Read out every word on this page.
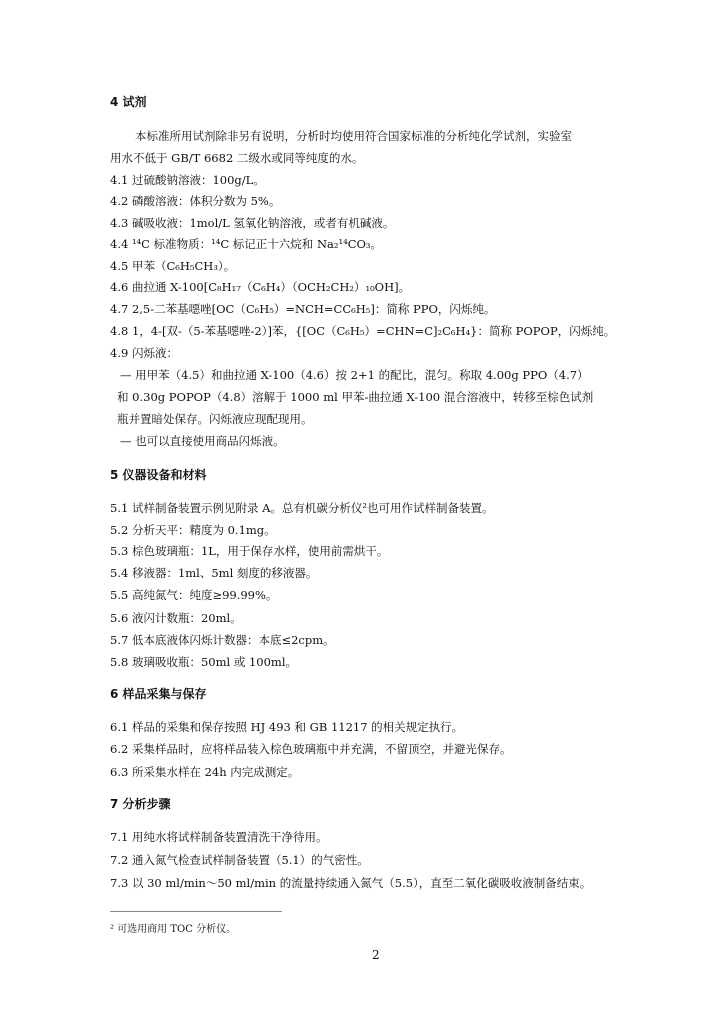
4 试剂
本标准所用试剂除非另有说明，分析时均使用符合国家标准的分析纯化学试剂，实验室
用水不低于 GB/T 6682 二级水或同等纯度的水。
4.1 过硫酸钠溶液：100g/L。
4.2 磷酸溶液：体积分数为 5%。
4.3 碱吸收液：1mol/L 氢氧化钠溶液，或者有机碱液。
4.4 ¹⁴C 标准物质：¹⁴C 标记正十六烷和 Na₂¹⁴CO₃。
4.5 甲苯（C₆H₅CH₃）。
4.6 曲拉通 X-100[C₈H₁₇（C₆H₄）（OCH₂CH₂）₁₀OH]。
4.7 2,5-二苯基噁唑[OC（C₆H₅）=NCH=CC₆H₅]：简称 PPO，闪烁纯。
4.8 1，4-[双-（5-苯基噁唑-2）]苯，{[OC（C₆H₅）=CHN=C]₂C₆H₄}：简称 POPOP，闪烁纯。
4.9 闪烁液：
— 用甲苯（4.5）和曲拉通 X-100（4.6）按 2+1 的配比，混匀。称取 4.00g PPO（4.7）
和 0.30g POPOP（4.8）溶解于 1000 ml 甲苯-曲拉通 X-100 混合溶液中，转移至棕色试剂
瓶并置暗处保存。闪烁液应现配现用。
— 也可以直接使用商品闪烁液。
5 仪器设备和材料
5.1 试样制备装置示例见附录 A。总有机碳分析仪²也可用作试样制备装置。
5.2 分析天平：精度为 0.1mg。
5.3 棕色玻璃瓶：1L，用于保存水样，使用前需烘干。
5.4 移液器：1ml、5ml 刻度的移液器。
5.5 高纯氮气：纯度≥99.99%。
5.6 液闪计数瓶：20ml。
5.7 低本底液体闪烁计数器：本底≤2cpm。
5.8 玻璃吸收瓶：50ml 或 100ml。
6 样品采集与保存
6.1 样品的采集和保存按照 HJ 493 和 GB 11217 的相关规定执行。
6.2 采集样品时，应将样品装入棕色玻璃瓶中并充满，不留顶空，并避光保存。
6.3 所采集水样在 24h 内完成测定。
7 分析步骤
7.1 用纯水将试样制备装置清洗干净待用。
7.2 通入氮气检查试样制备装置（5.1）的气密性。
7.3 以 30 ml/min～50 ml/min 的流量持续通入氮气（5.5），直至二氧化碳吸收液制备结束。
² 可选用商用 TOC 分析仪。
2
